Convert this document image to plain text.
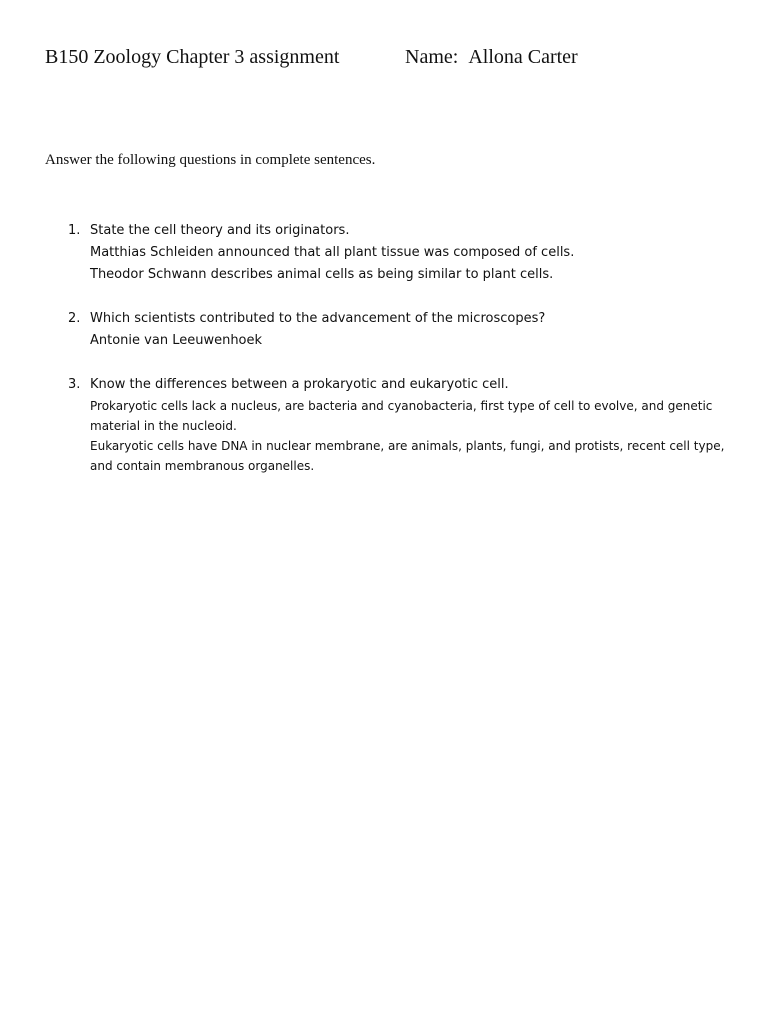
B150 Zoology Chapter 3 assignment	Name: Allona Carter
Answer the following questions in complete sentences.
1. State the cell theory and its originators.
Matthias Schleiden announced that all plant tissue was composed of cells.
Theodor Schwann describes animal cells as being similar to plant cells.
2. Which scientists contributed to the advancement of the microscopes?
Antonie van Leeuwenhoek
3. Know the differences between a prokaryotic and eukaryotic cell.
Prokaryotic cells lack a nucleus, are bacteria and cyanobacteria, first type of cell to evolve, and genetic material in the nucleoid.
Eukaryotic cells have DNA in nuclear membrane, are animals, plants, fungi, and protists, recent cell type, and contain membranous organelles.
